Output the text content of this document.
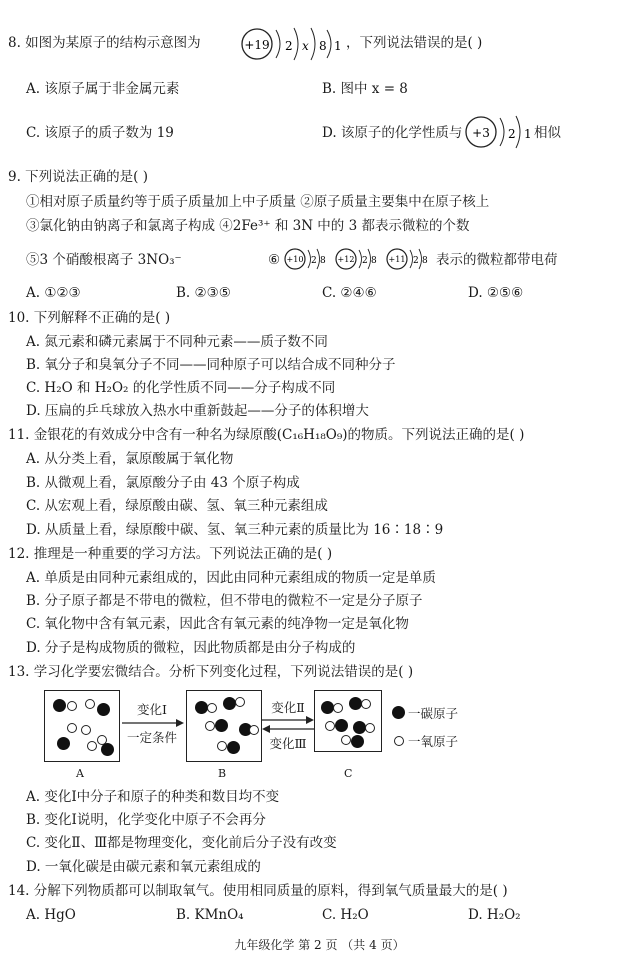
8. 如图为某原子的结构示意图为	+19 2 x 8 1 ，下列说法错误的是( )
A. 该原子属于非金属元素	B. 图中 x = 8
C. 该原子的质子数为 19	D. 该原子的化学性质与 +3 2 1 相似
9. 下列说法正确的是( )
①相对原子质量约等于质子质量加上中子质量 ②原子质量主要集中在原子核上
③氯化钠由钠离子和氯离子构成 ④2Fe³⁺ 和 3N 中的 3 都表示微粒的个数
⑤3 个硝酸根离子 3NO₃⁻	⑥ +10 2 8 +12 2 8 +11 2 8 表示的微粒都带电荷
A. ①②③	B. ②③⑤	C. ②④⑥	D. ②⑤⑥
10. 下列解释不正确的是( )
A. 氮元素和磷元素属于不同种元素——质子数不同
B. 氧分子和臭氧分子不同——同种原子可以结合成不同种分子
C. H₂O 和 H₂O₂ 的化学性质不同——分子构成不同
D. 压扁的乒乓球放入热水中重新鼓起——分子的体积增大
11. 金银花的有效成分中含有一种名为绿原酸(C₁₆H₁₈O₉)的物质。下列说法正确的是( )
A. 从分类上看，氯原酸属于氧化物
B. 从微观上看，氯原酸分子由 43 个原子构成
C. 从宏观上看，绿原酸由碳、氢、氧三种元素组成
D. 从质量上看，绿原酸中碳、氢、氧三种元素的质量比为 16∶18∶9
12. 推理是一种重要的学习方法。下列说法正确的是( )
A. 单质是由同种元素组成的，因此由同种元素组成的物质一定是单质
B. 分子原子都是不带电的微粒，但不带电的微粒不一定是分子原子
C. 氧化物中含有氧元素，因此含有氧元素的纯净物一定是氧化物
D. 分子是构成物质的微粒，因此物质都是由分子构成的
13. 学习化学要宏微结合。分析下列变化过程，下列说法错误的是( )
A
变化Ⅰ
一定条件
B
变化Ⅱ
变化Ⅲ
C
一碳原子
一氧原子
A. 变化Ⅰ中分子和原子的种类和数目均不变
B. 变化Ⅰ说明，化学变化中原子不会再分
C. 变化Ⅱ、Ⅲ都是物理变化，变化前后分子没有改变
D. 一氧化碳是由碳元素和氧元素组成的
14. 分解下列物质都可以制取氧气。使用相同质量的原料，得到氧气质量最大的是( )
A. HgO	B. KMnO₄	C. H₂O	D. H₂O₂
九年级化学 第 2 页 （共 4 页）
